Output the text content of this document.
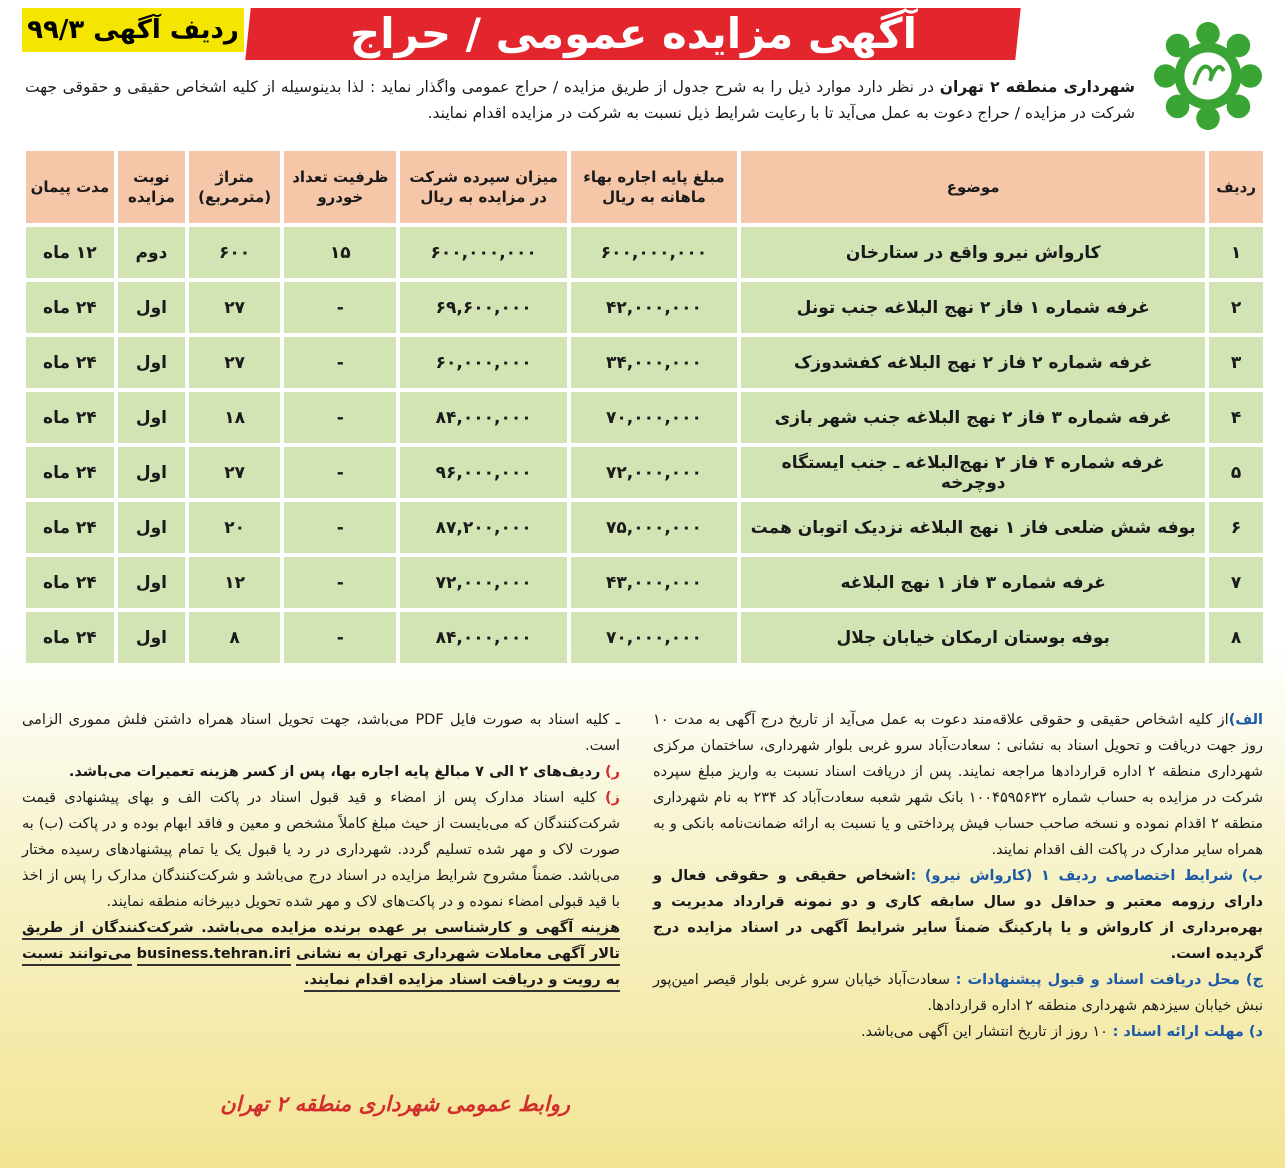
آگهی مزایده عمومی / حراج
ردیف آگهی ۹۹/۳
شهرداری منطقه ۲ تهران در نظر دارد موارد ذیل را به شرح جدول از طریق مزایده / حراج عمومی واگذار نماید : لذا بدینوسیله از کلیه اشخاص حقیقی و حقوقی جهت شرکت در مزایده / حراج دعوت به عمل می‌آید تا با رعایت شرایط ذیل نسبت به شرکت در مزایده اقدام نمایند.
ردیف	موضوع	مبلغ پایه اجاره بهاء ماهانه به ریال	میزان سپرده شرکت در مزایده به ریال	ظرفیت تعداد خودرو	متراژ (مترمربع)	نوبت مزایده	مدت پیمان
۱	کارواش نیرو واقع در ستارخان	۶۰۰,۰۰۰,۰۰۰	۶۰۰,۰۰۰,۰۰۰	۱۵	۶۰۰	دوم	۱۲ ماه
۲	غرفه شماره ۱ فاز ۲ نهج البلاغه جنب تونل	۴۲,۰۰۰,۰۰۰	۶۹,۶۰۰,۰۰۰	-	۲۷	اول	۲۴ ماه
۳	غرفه شماره ۲ فاز ۲ نهج البلاغه کفشدوزک	۳۴,۰۰۰,۰۰۰	۶۰,۰۰۰,۰۰۰	-	۲۷	اول	۲۴ ماه
۴	غرفه شماره ۳ فاز ۲ نهج البلاغه جنب شهر بازی	۷۰,۰۰۰,۰۰۰	۸۴,۰۰۰,۰۰۰	-	۱۸	اول	۲۴ ماه
۵	غرفه شماره ۴ فاز ۲ نهج‌البلاغه ـ جنب ایستگاه دوچرخه	۷۲,۰۰۰,۰۰۰	۹۶,۰۰۰,۰۰۰	-	۲۷	اول	۲۴ ماه
۶	بوفه شش ضلعی فاز ۱ نهج البلاغه نزدیک اتوبان همت	۷۵,۰۰۰,۰۰۰	۸۷,۲۰۰,۰۰۰	-	۲۰	اول	۲۴ ماه
۷	غرفه شماره ۳ فاز ۱ نهج البلاغه	۴۳,۰۰۰,۰۰۰	۷۲,۰۰۰,۰۰۰	-	۱۲	اول	۲۴ ماه
۸	بوفه بوستان ارمکان خیابان جلال	۷۰,۰۰۰,۰۰۰	۸۴,۰۰۰,۰۰۰	-	۸	اول	۲۴ ماه

الف)از کلیه اشخاص حقیقی و حقوقی علاقه‌مند دعوت به عمل می‌آید از تاریخ درج آگهی به مدت ۱۰ روز جهت دریافت و تحویل اسناد به نشانی : سعادت‌آباد سرو غربی بلوار شهرداری، ساختمان مرکزی شهرداری منطقه ۲ اداره قراردادها مراجعه نمایند. پس از دریافت اسناد نسبت به واریز مبلغ سپرده شرکت در مزایده به حساب شماره ۱۰۰۴۵۹۵۶۳۲ بانک شهر شعبه سعادت‌آباد کد ۲۳۴ به نام شهرداری منطقه ۲ اقدام نموده و نسخه صاحب حساب فیش پرداختی و یا نسبت به ارائه ضمانت‌نامه بانکی و به همراه سایر مدارک در پاکت الف اقدام نمایند.

ب) شرایط اختصاصی ردیف ۱ (کارواش نیرو) :اشخاص حقیقی و حقوقی فعال و دارای رزومه معتبر و حداقل دو سال سابقه کاری و دو نمونه قرارداد مدیریت و بهره‌برداری از کارواش و یا پارکینگ ضمناً سایر شرایط آگهی در اسناد مزایده درج گردیده است.

ج) محل دریافت اسناد و قبول پیشنهادات : سعادت‌آباد خیابان سرو غربی بلوار قیصر امین‌پور نبش خیابان سیزدهم شهرداری منطقه ۲ اداره قراردادها.

د) مهلت ارائه اسناد : ۱۰ روز از تاریخ انتشار این آگهی می‌باشد.

ـ کلیه اسناد به صورت فایل PDF می‌باشد، جهت تحویل اسناد همراه داشتن فلش مموری الزامی است.

ر) ردیف‌های ۲ الی ۷ مبالغ پایه اجاره بها، پس از کسر هزینه تعمیرات می‌باشد.

ز) کلیه اسناد مدارک پس از امضاء و قید قبول اسناد در پاکت الف و بهای پیشنهادی قیمت شرکت‌کنندگان که می‌بایست از حیث مبلغ کاملاً مشخص و معین و فاقد ابهام بوده و در پاکت (ب) به صورت لاک و مهر شده تسلیم گردد. شهرداری در رد یا قبول یک یا تمام پیشنهادهای رسیده مختار می‌باشد. ضمناً مشروح شرایط مزایده در اسناد درج می‌باشد و شرکت‌کنندگان مدارک را پس از اخذ با قید قبولی امضاء نموده و در پاکت‌های لاک و مهر شده تحویل دبیرخانه منطقه نمایند.

هزینه آگهی و کارشناسی بر عهده برنده مزایده می‌باشد. شرکت‌کنندگان از طریق تالار آگهی معاملات شهرداری تهران به نشانی business.tehran.iri می‌توانند نسبت به رویت و دریافت اسناد مزایده اقدام نمایند.

روابط عمومی شهرداری منطقه ۲ تهران
